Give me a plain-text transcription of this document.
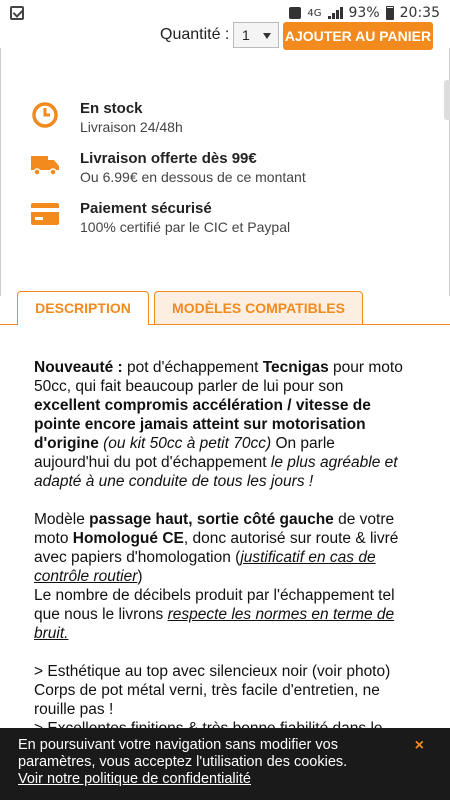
4G 93% 20:35
Quantité : 1	AJOUTER AU PANIER
En stock
Livraison 24/48h
Livraison offerte dès 99€
Ou 6.99€ en dessous de ce montant
Paiement sécurisé
100% certifié par le CIC et Paypal
DESCRIPTION	MODÈLES COMPATIBLES

Nouveauté : pot d'échappement Tecnigas pour moto 50cc, qui fait beaucoup parler de lui pour son excellent compromis accélération / vitesse de pointe encore jamais atteint sur motorisation d'origine (ou kit 50cc à petit 70cc) On parle aujourd'hui du pot d'échappement le plus agréable et adapté à une conduite de tous les jours !

Modèle passage haut, sortie côté gauche de votre moto Homologué CE, donc autorisé sur route & livré avec papiers d'homologation (justificatif en cas de contrôle routier)
Le nombre de décibels produit par l'échappement tel que nous le livrons respecte les normes en terme de bruit.

> Esthétique au top avec silencieux noir (voir photo)
Corps de pot métal verni, très facile d'entretien, ne rouille pas !

En poursuivant votre navigation sans modifier vos paramètres, vous acceptez l'utilisation des cookies.
Voir notre politique de confidentialité
×
